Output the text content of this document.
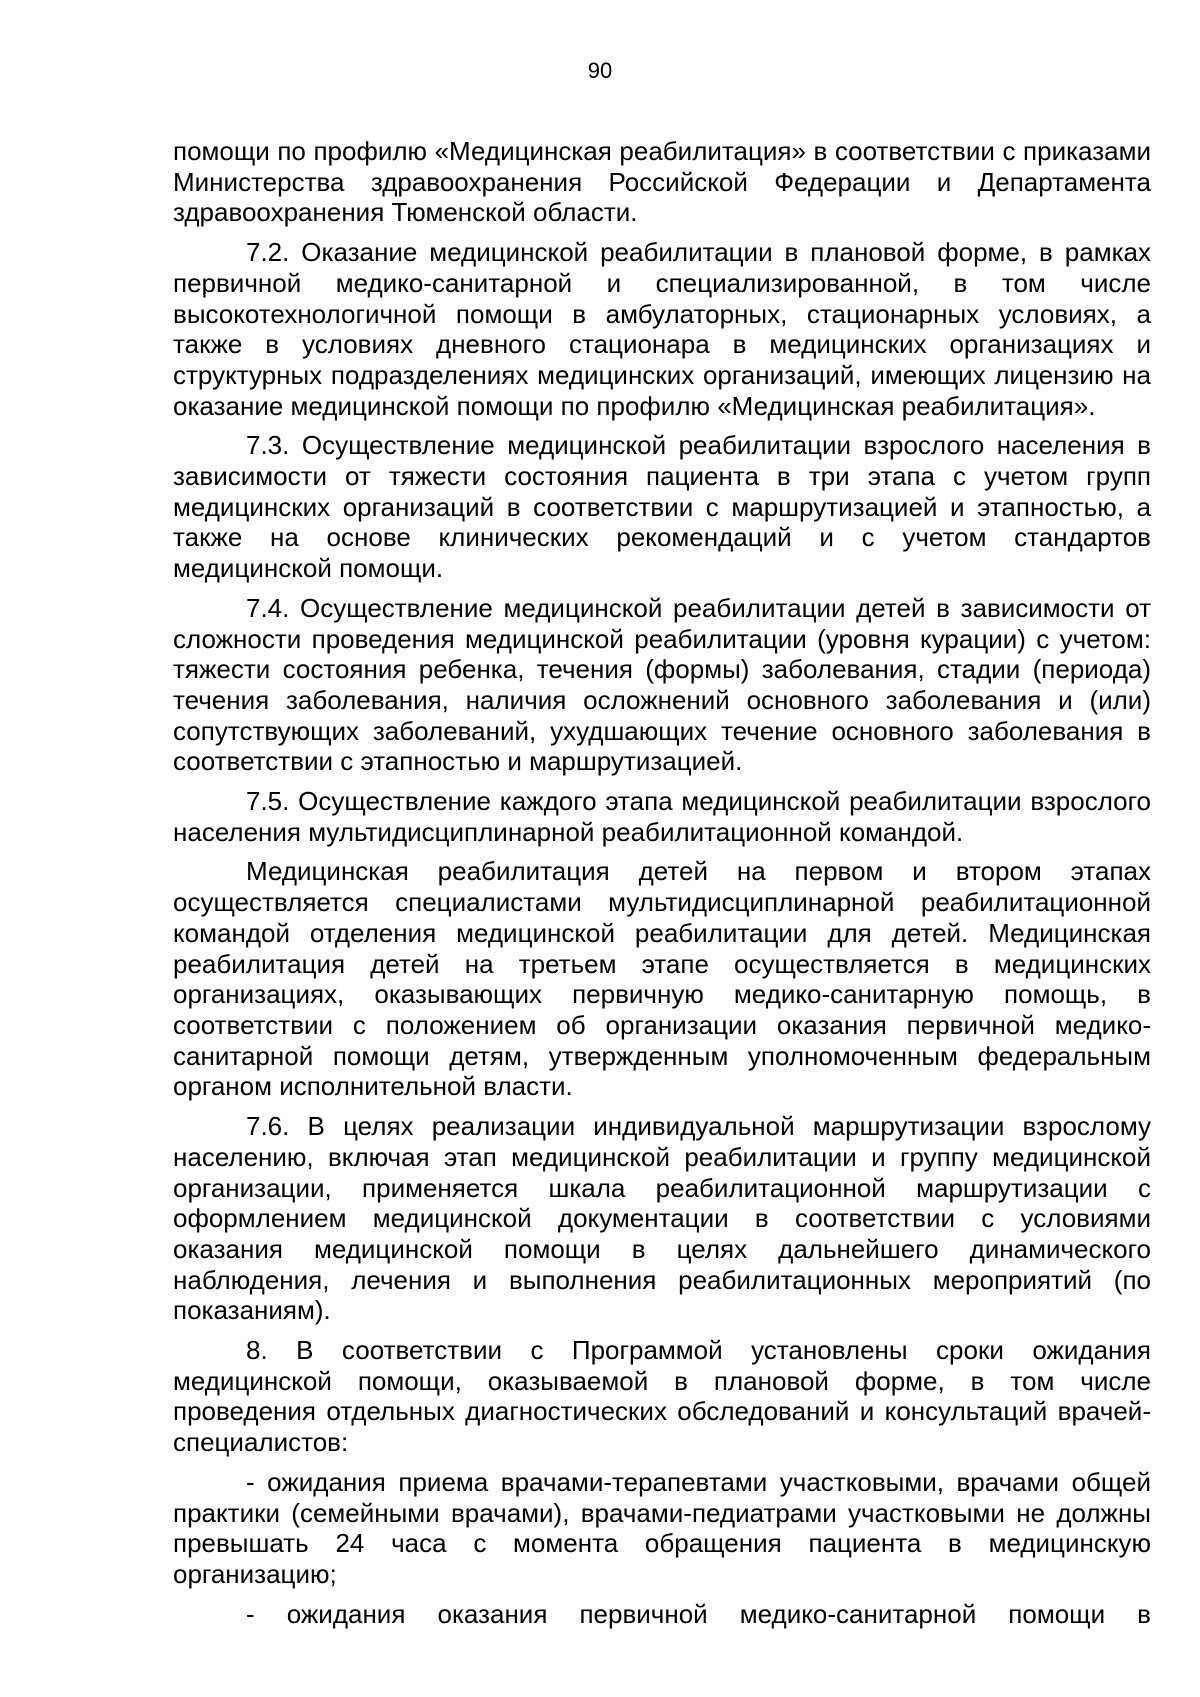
90

помощи по профилю «Медицинская реабилитация» в соответствии с приказами Министерства здравоохранения Российской Федерации и Департамента здравоохранения Тюменской области.

7.2. Оказание медицинской реабилитации в плановой форме, в рамках первичной медико-санитарной и специализированной, в том числе высокотехнологичной помощи в амбулаторных, стационарных условиях, а также в условиях дневного стационара в медицинских организациях и структурных подразделениях медицинских организаций, имеющих лицензию на оказание медицинской помощи по профилю «Медицинская реабилитация».

7.3. Осуществление медицинской реабилитации взрослого населения в зависимости от тяжести состояния пациента в три этапа с учетом групп медицинских организаций в соответствии с маршрутизацией и этапностью, а также на основе клинических рекомендаций и с учетом стандартов медицинской помощи.

7.4. Осуществление медицинской реабилитации детей в зависимости от сложности проведения медицинской реабилитации (уровня курации) с учетом: тяжести состояния ребенка, течения (формы) заболевания, стадии (периода) течения заболевания, наличия осложнений основного заболевания и (или) сопутствующих заболеваний, ухудшающих течение основного заболевания в соответствии с этапностью и маршрутизацией.

7.5. Осуществление каждого этапа медицинской реабилитации взрослого населения мультидисциплинарной реабилитационной командой.

Медицинская реабилитация детей на первом и втором этапах осуществляется специалистами мультидисциплинарной реабилитационной командой отделения медицинской реабилитации для детей. Медицинская реабилитация детей на третьем этапе осуществляется в медицинских организациях, оказывающих первичную медико-санитарную помощь, в соответствии с положением об организации оказания первичной медико-санитарной помощи детям, утвержденным уполномоченным федеральным органом исполнительной власти.

7.6. В целях реализации индивидуальной маршрутизации взрослому населению, включая этап медицинской реабилитации и группу медицинской организации, применяется шкала реабилитационной маршрутизации с оформлением медицинской документации в соответствии с условиями оказания медицинской помощи в целях дальнейшего динамического наблюдения, лечения и выполнения реабилитационных мероприятий (по показаниям).

8. В соответствии с Программой установлены сроки ожидания медицинской помощи, оказываемой в плановой форме, в том числе проведения отдельных диагностических обследований и консультаций врачей-специалистов:

- ожидания приема врачами-терапевтами участковыми, врачами общей практики (семейными врачами), врачами-педиатрами участковыми не должны превышать 24 часа с момента обращения пациента в медицинскую организацию;

- ожидания оказания первичной медико-санитарной помощи в
